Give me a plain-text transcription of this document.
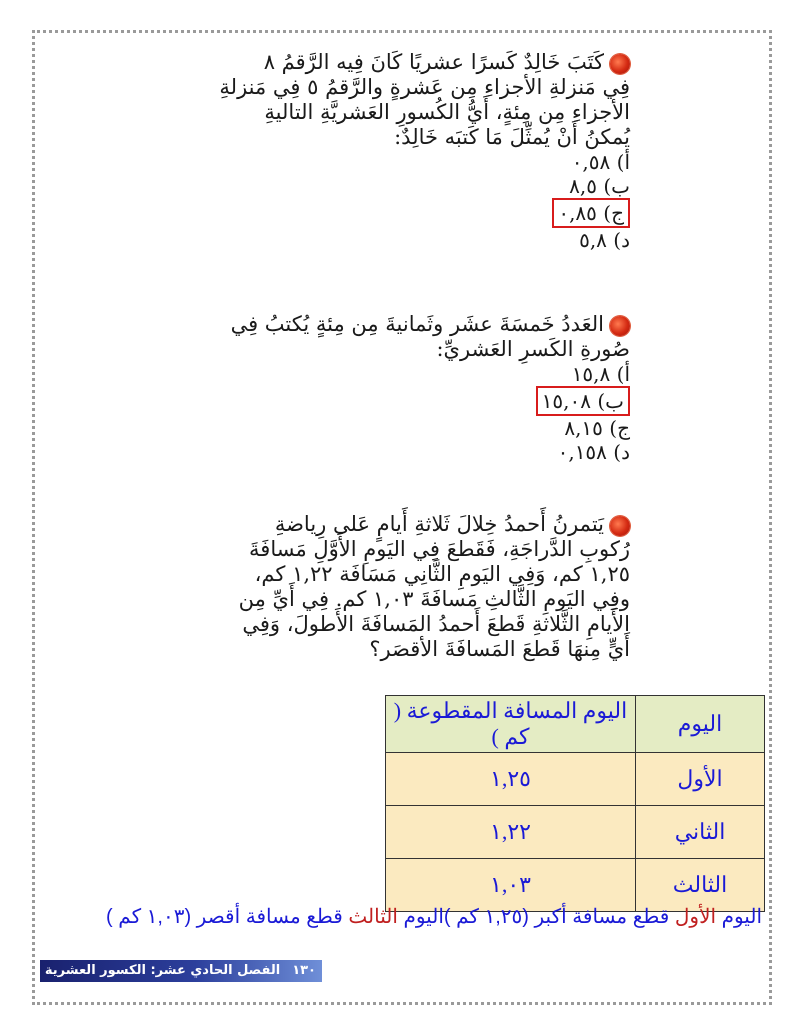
كَتَبَ خَالِدٌ كَسرًا عشريًا كَانَ فِيه الرَّقمُ ٨
فِي مَنزلةِ الأجزاءِ مِن عَشرةٍ والرَّقمُ ٥ فِي مَنزلةِ
الأجزاءِ مِن مِئةٍ، أَيُّ الكُسورِ العَشريَّةِ التاليةِ
يُمكنُ أَنْ يُمثِّلَ مَا كَتبَه خَالِدٌ:
أ) ٠,٥٨
ب) ٨,٥
ج) ٠,٨٥
د) ٥,٨
العَددُ خَمسَةَ عشَر وثَمانيةَ مِن مِئةٍ يُكتبُ فِي
صُورةِ الكَسرِ العَشريِّ:
أ) ١٥,٨
ب) ١٥,٠٨
ج) ٨,١٥
د) ٠,١٥٨
يَتمرنُ أَحمدُ خِلالَ ثَلاثةِ أَيامٍ عَلى رِياضةِ
رُكوبِ الدَّراجَةِ، فَقَطعَ فِي اليَومِ الأَوَّلِ مَسافَةَ
١,٢٥ كم، وَفِي اليَومِ الثَّانِي مَسَافَة ١,٢٢ كم،
وفِي اليَومِ الثَّالثِ مَسافَةَ ١,٠٣ كم. فِي أَيِّ مِن
الأَيامِ الثَّلاثةِ قَطعَ أَحمدُ المَسافَةَ الأَطولَ، وَفِي
أَيٍّ مِنهَا قَطعَ المَسافَةَ الأقصَر؟
اليوم	اليوم المسافة المقطوعة ( كم )
الأول	١,٢٥
الثاني	١,٢٢
الثالث	١,٠٣
اليوم الأول قطع مسافة أكبر (١,٢٥ كم )اليوم الثالث قطع مسافة أقصر (١,٠٣ كم )
١٣٠الفصل الحادي عشر: الكسور العشرية
